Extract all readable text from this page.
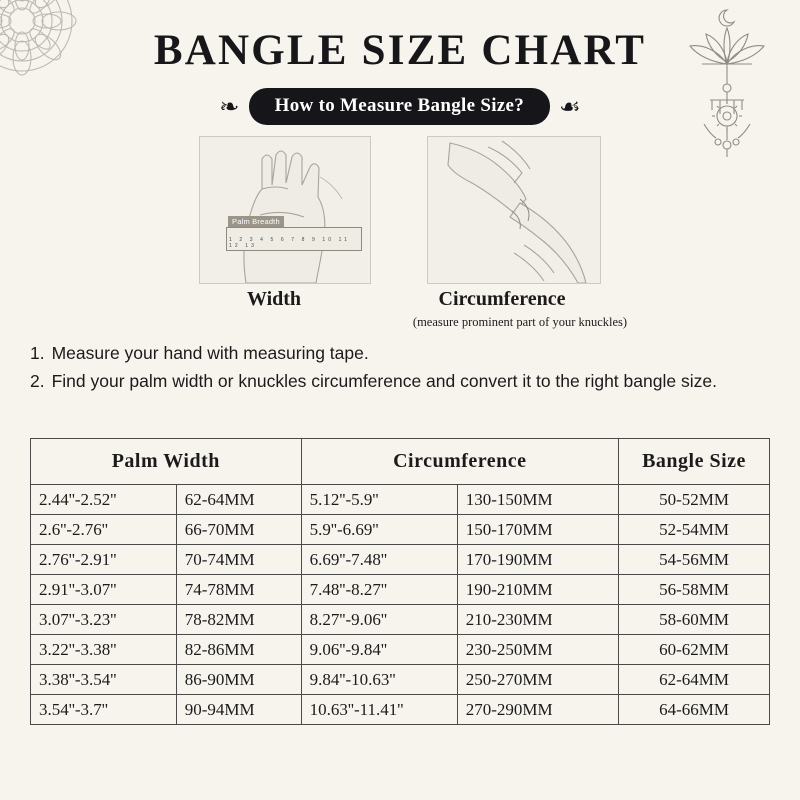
BANGLE SIZE CHART
❧	How to Measure Bangle Size?	☙
Palm Breadth
1 2 3 4 5 6 7 8 9 10 11 12 13
Width	Circumference
(measure prominent part of your knuckles)
1. Measure your hand with measuring tape.
2. Find your palm width or knuckles circumference and convert it to the right bangle size.
Palm Width		Circumference		Bangle Size
2.44''-2.52''	62-64MM	5.12''-5.9''	130-150MM	50-52MM
2.6''-2.76''	66-70MM	5.9''-6.69''	150-170MM	52-54MM
2.76''-2.91''	70-74MM	6.69''-7.48''	170-190MM	54-56MM
2.91''-3.07''	74-78MM	7.48''-8.27''	190-210MM	56-58MM
3.07''-3.23''	78-82MM	8.27''-9.06''	210-230MM	58-60MM
3.22''-3.38''	82-86MM	9.06''-9.84''	230-250MM	60-62MM
3.38''-3.54''	86-90MM	9.84''-10.63''	250-270MM	62-64MM
3.54''-3.7''	90-94MM	10.63''-11.41''	270-290MM	64-66MM
